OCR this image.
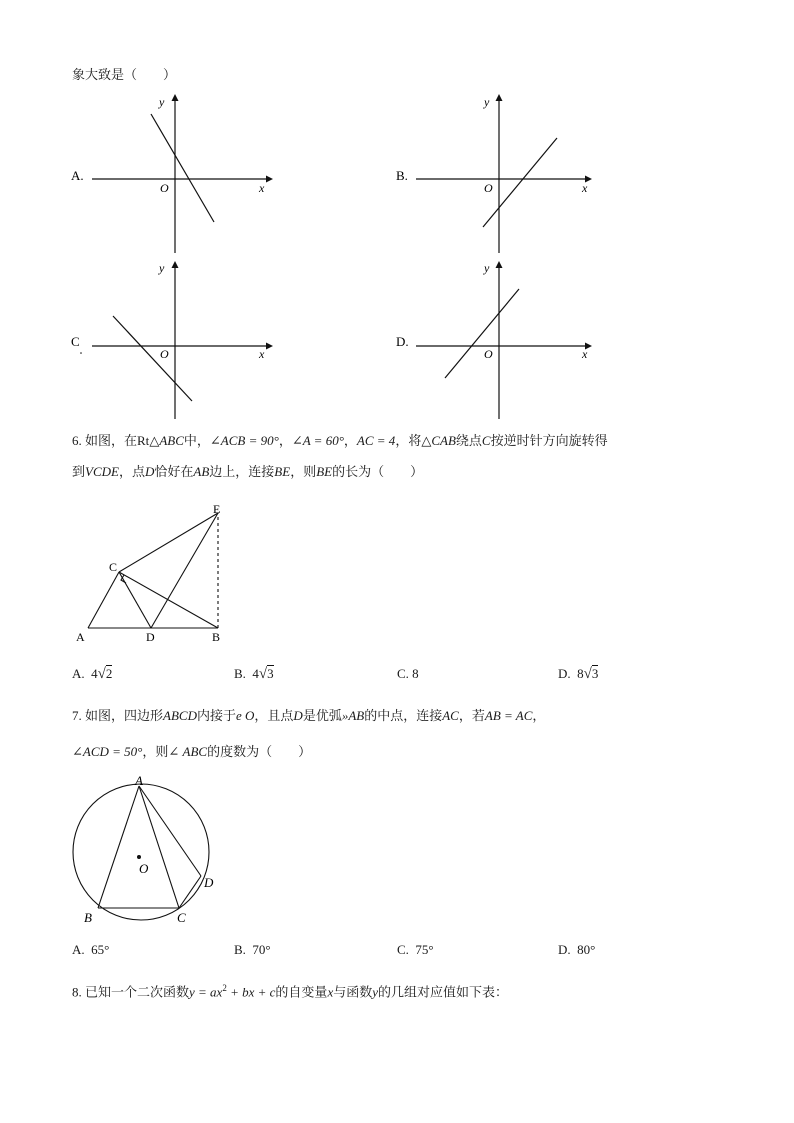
象大致是（　　）
y
x
O
A.
y
x
O
B.
y
x
O
C
y
x
O
D.
6. 如图，在Rt△ABC中，∠ACB = 90°，∠A = 60°，AC = 4，将△CAB绕点C按逆时针方向旋转得
到VCDE，点D恰好在AB边上，连接BE，则BE的长为（　　）
E
C
A	D	B
A. 4√2	B. 4√3	C. 8	D. 8√3
7. 如图，四边形ABCD内接于e O，且点D是优弧»AB的中点，连接AC，若AB = AC，
∠ACD = 50°，则∠ ABC的度数为（　　）
A
O
D
B	C
A. 65°	B. 70°	C. 75°	D. 80°
8. 已知一个二次函数$y = ax^2$ + bx + c的自变量x与函数y的几组对应值如下表：
